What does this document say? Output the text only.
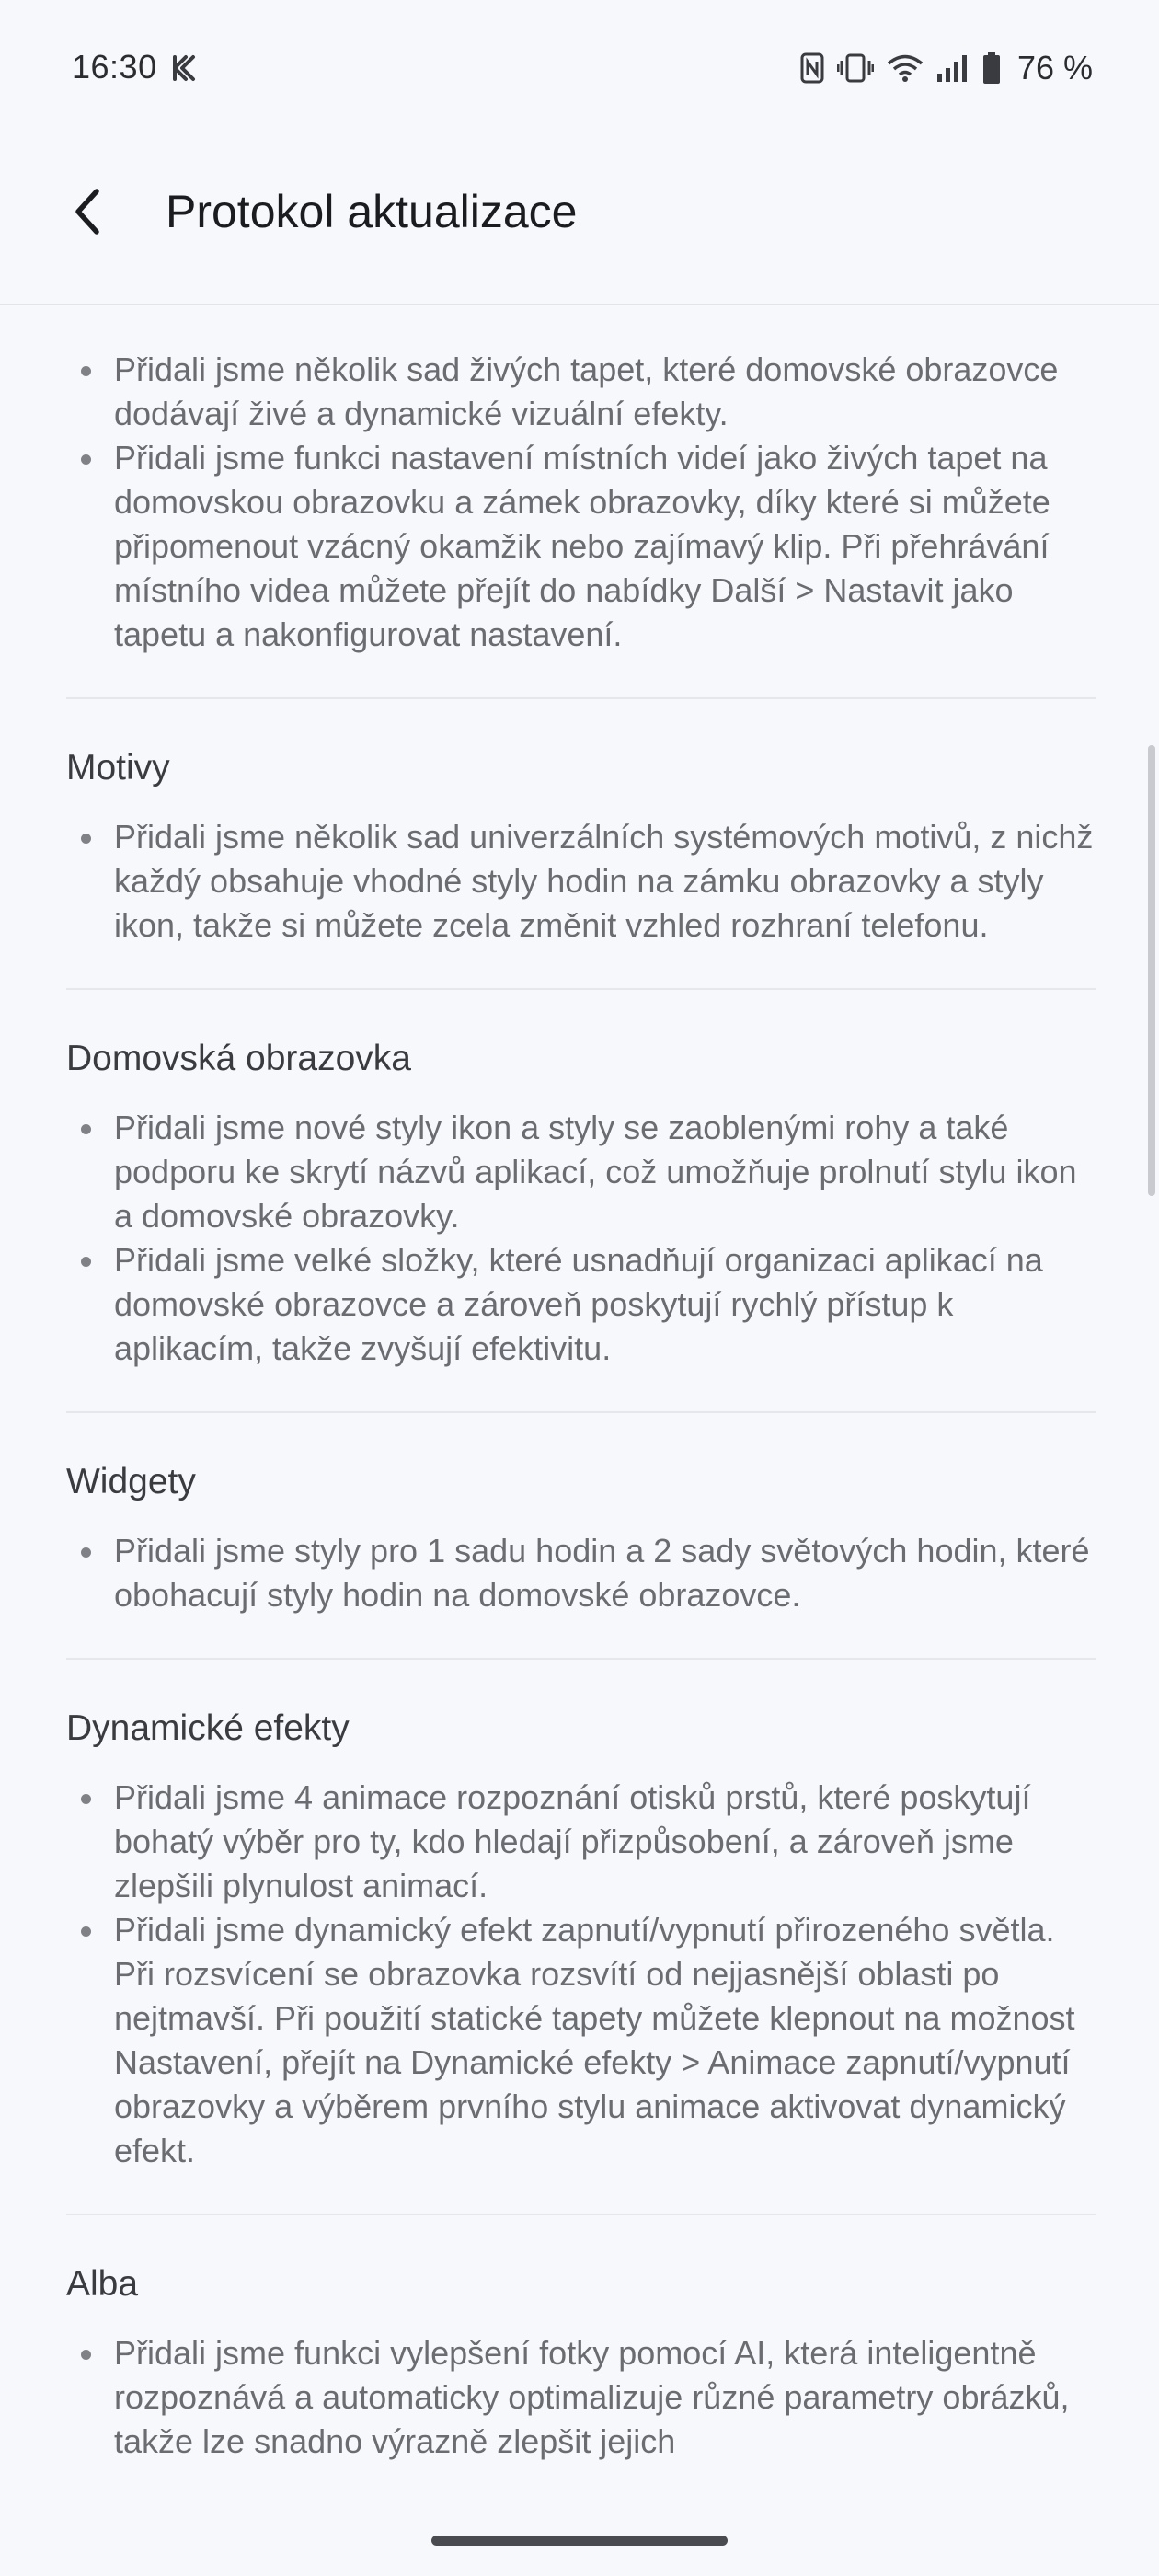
16:30	76 %
Protokol aktualizace
Přidali jsme několik sad živých tapet, které domovské obrazovce dodávají živé a dynamické vizuální efekty.
Přidali jsme funkci nastavení místních videí jako živých tapet na domovskou obrazovku a zámek obrazovky, díky které si můžete připomenout vzácný okamžik nebo zajímavý klip. Při přehrávání místního videa můžete přejít do nabídky Další > Nastavit jako tapetu a nakonfigurovat nastavení.
Motivy
Přidali jsme několik sad univerzálních systémových motivů, z nichž každý obsahuje vhodné styly hodin na zámku obrazovky a styly ikon, takže si můžete zcela změnit vzhled rozhraní telefonu.
Domovská obrazovka
Přidali jsme nové styly ikon a styly se zaoblenými rohy a také podporu ke skrytí názvů aplikací, což umožňuje prolnutí stylu ikon a domovské obrazovky.
Přidali jsme velké složky, které usnadňují organizaci aplikací na domovské obrazovce a zároveň poskytují rychlý přístup k aplikacím, takže zvyšují efektivitu.
Widgety
Přidali jsme styly pro 1 sadu hodin a 2 sady světových hodin, které obohacují styly hodin na domovské obrazovce.
Dynamické efekty
Přidali jsme 4 animace rozpoznání otisků prstů, které poskytují bohatý výběr pro ty, kdo hledají přizpůsobení, a zároveň jsme zlepšili plynulost animací.
Přidali jsme dynamický efekt zapnutí/vypnutí přirozeného světla. Při rozsvícení se obrazovka rozsvítí od nejjasnější oblasti po nejtmavší. Při použití statické tapety můžete klepnout na možnost Nastavení, přejít na Dynamické efekty > Animace zapnutí/vypnutí obrazovky a výběrem prvního stylu animace aktivovat dynamický efekt.
Alba
Přidali jsme funkci vylepšení fotky pomocí AI, která inteligentně rozpoznává a automaticky optimalizuje různé parametry obrázků, takže lze snadno výrazně zlepšit jejich
